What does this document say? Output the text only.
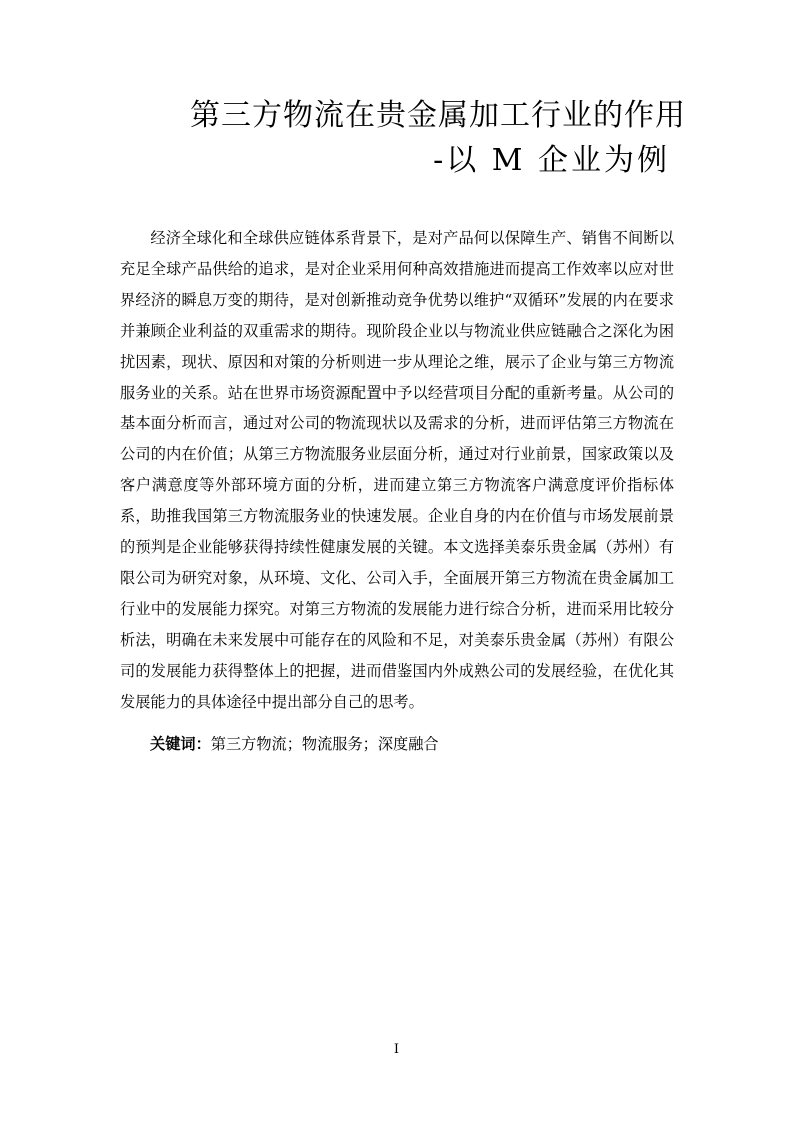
第三方物流在贵金属加工行业的作用
-以 M 企业为例

经济全球化和全球供应链体系背景下，是对产品何以保障生产、销售不间断以充足全球产品供给的追求，是对企业采用何种高效措施进而提高工作效率以应对世界经济的瞬息万变的期待，是对创新推动竞争优势以维护“双循环”发展的内在要求并兼顾企业利益的双重需求的期待。现阶段企业以与物流业供应链融合之深化为困扰因素，现状、原因和对策的分析则进一步从理论之维，展示了企业与第三方物流服务业的关系。站在世界市场资源配置中予以经营项目分配的重新考量。从公司的基本面分析而言，通过对公司的物流现状以及需求的分析，进而评估第三方物流在公司的内在价值；从第三方物流服务业层面分析，通过对行业前景，国家政策以及客户满意度等外部环境方面的分析，进而建立第三方物流客户满意度评价指标体系，助推我国第三方物流服务业的快速发展。企业自身的内在价值与市场发展前景的预判是企业能够获得持续性健康发展的关键。本文选择美泰乐贵金属（苏州）有限公司为研究对象，从环境、文化、公司入手，全面展开第三方物流在贵金属加工行业中的发展能力探究。对第三方物流的发展能力进行综合分析，进而采用比较分析法，明确在未来发展中可能存在的风险和不足，对美泰乐贵金属（苏州）有限公司的发展能力获得整体上的把握，进而借鉴国内外成熟公司的发展经验，在优化其发展能力的具体途径中提出部分自己的思考。

关键词：第三方物流；物流服务；深度融合
I
